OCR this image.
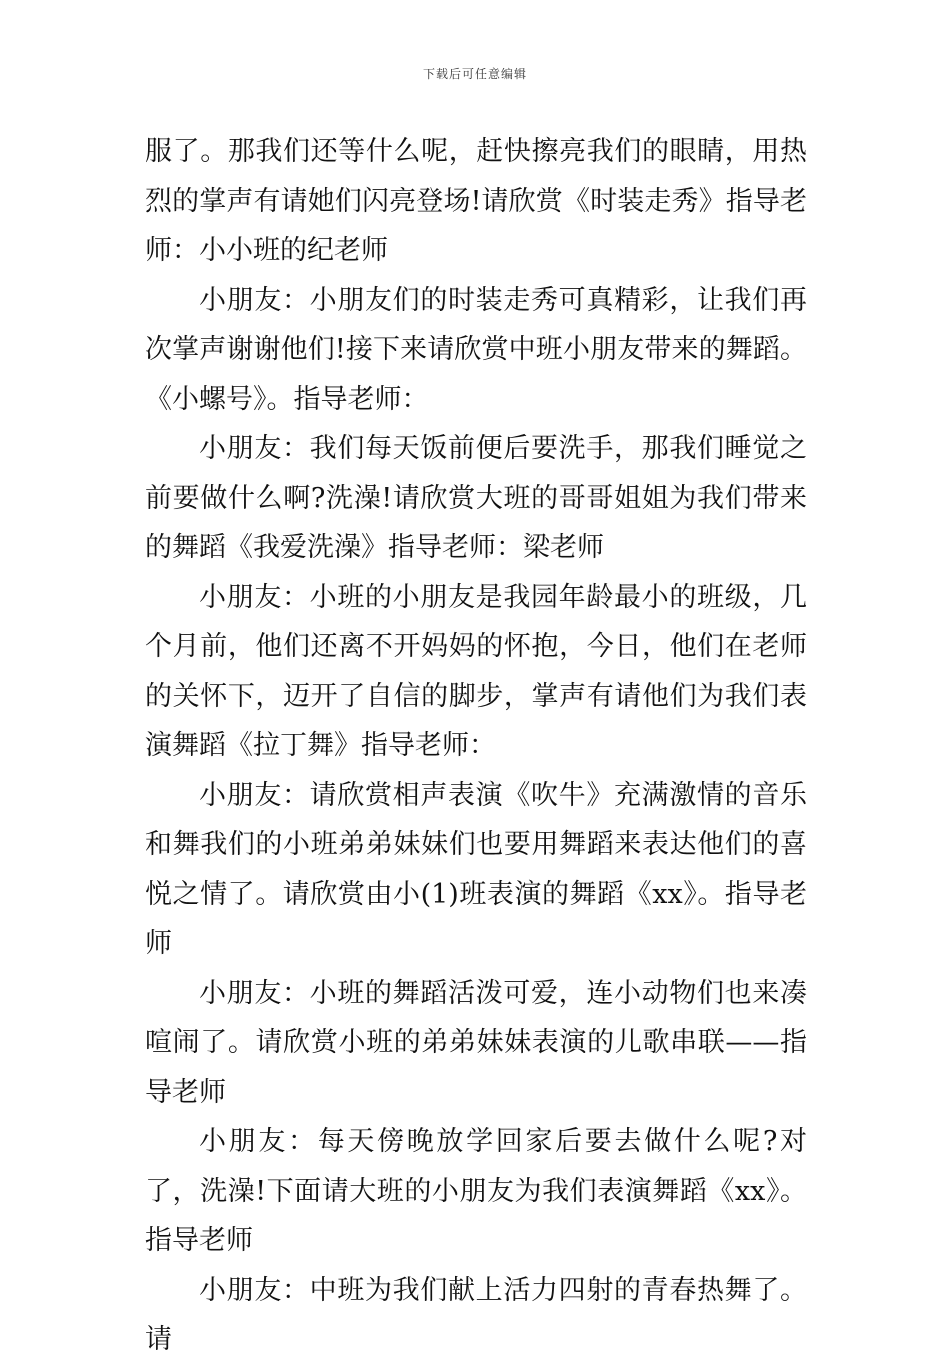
下载后可任意编辑

服了。那我们还等什么呢，赶快擦亮我们的眼睛，用热烈的掌声有请她们闪亮登场!请欣赏《时装走秀》指导老师：小小班的纪老师

小朋友：小朋友们的时装走秀可真精彩，让我们再次掌声谢谢他们!接下来请欣赏中班小朋友带来的舞蹈。《小螺号》。指导老师：

小朋友：我们每天饭前便后要洗手，那我们睡觉之前要做什么啊?洗澡!请欣赏大班的哥哥姐姐为我们带来的舞蹈《我爱洗澡》指导老师：梁老师

小朋友：小班的小朋友是我园年龄最小的班级，几个月前，他们还离不开妈妈的怀抱，今日，他们在老师的关怀下，迈开了自信的脚步，掌声有请他们为我们表演舞蹈《拉丁舞》指导老师：

小朋友：请欣赏相声表演《吹牛》充满激情的音乐和舞我们的小班弟弟妹妹们也要用舞蹈来表达他们的喜悦之情了。请欣赏由小(1)班表演的舞蹈《xx》。指导老师

小朋友：小班的舞蹈活泼可爱，连小动物们也来凑喧闹了。请欣赏小班的弟弟妹妹表演的儿歌串联——指导老师

小朋友：每天傍晚放学回家后要去做什么呢?对了，洗澡!下面请大班的小朋友为我们表演舞蹈《xx》。指导老师

小朋友：中班为我们献上活力四射的青春热舞了。请
